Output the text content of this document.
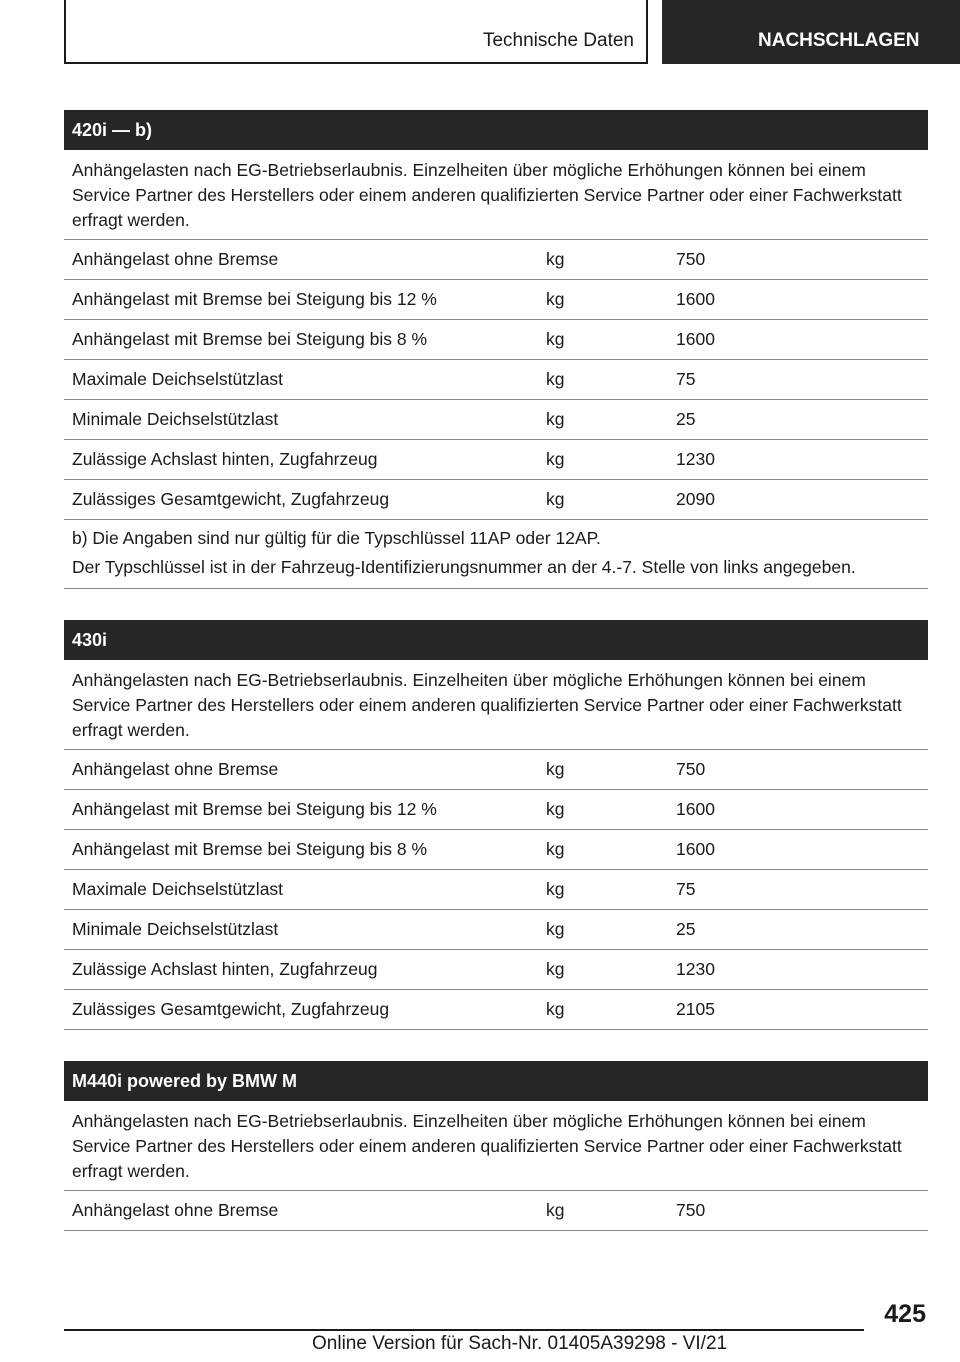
Technische Daten	NACHSCHLAGEN
420i — b)
Anhängelasten nach EG-Betriebserlaubnis. Einzelheiten über mögliche Erhöhungen können bei einem Service Partner des Herstellers oder einem anderen qualifizierten Service Partner oder einer Fachwerkstatt erfragt werden.
Anhängelast ohne Bremse	kg	750
Anhängelast mit Bremse bei Steigung bis 12 %	kg	1600
Anhängelast mit Bremse bei Steigung bis 8 %	kg	1600
Maximale Deichselstützlast	kg	75
Minimale Deichselstützlast	kg	25
Zulässige Achslast hinten, Zugfahrzeug	kg	1230
Zulässiges Gesamtgewicht, Zugfahrzeug	kg	2090

b) Die Angaben sind nur gültig für die Typschlüssel 11AP oder 12AP.

Der Typschlüssel ist in der Fahrzeug-Identifizierungsnummer an der 4.-7. Stelle von links angegeben.

430i
Anhängelasten nach EG-Betriebserlaubnis. Einzelheiten über mögliche Erhöhungen können bei einem Service Partner des Herstellers oder einem anderen qualifizierten Service Partner oder einer Fachwerkstatt erfragt werden.
Anhängelast ohne Bremse	kg	750
Anhängelast mit Bremse bei Steigung bis 12 %	kg	1600
Anhängelast mit Bremse bei Steigung bis 8 %	kg	1600
Maximale Deichselstützlast	kg	75
Minimale Deichselstützlast	kg	25
Zulässige Achslast hinten, Zugfahrzeug	kg	1230
Zulässiges Gesamtgewicht, Zugfahrzeug	kg	2105
M440i powered by BMW M
Anhängelasten nach EG-Betriebserlaubnis. Einzelheiten über mögliche Erhöhungen können bei einem Service Partner des Herstellers oder einem anderen qualifizierten Service Partner oder einer Fachwerkstatt erfragt werden.
Anhängelast ohne Bremse	kg	750
425
Online Version für Sach-Nr. 01405A39298 - VI/21
